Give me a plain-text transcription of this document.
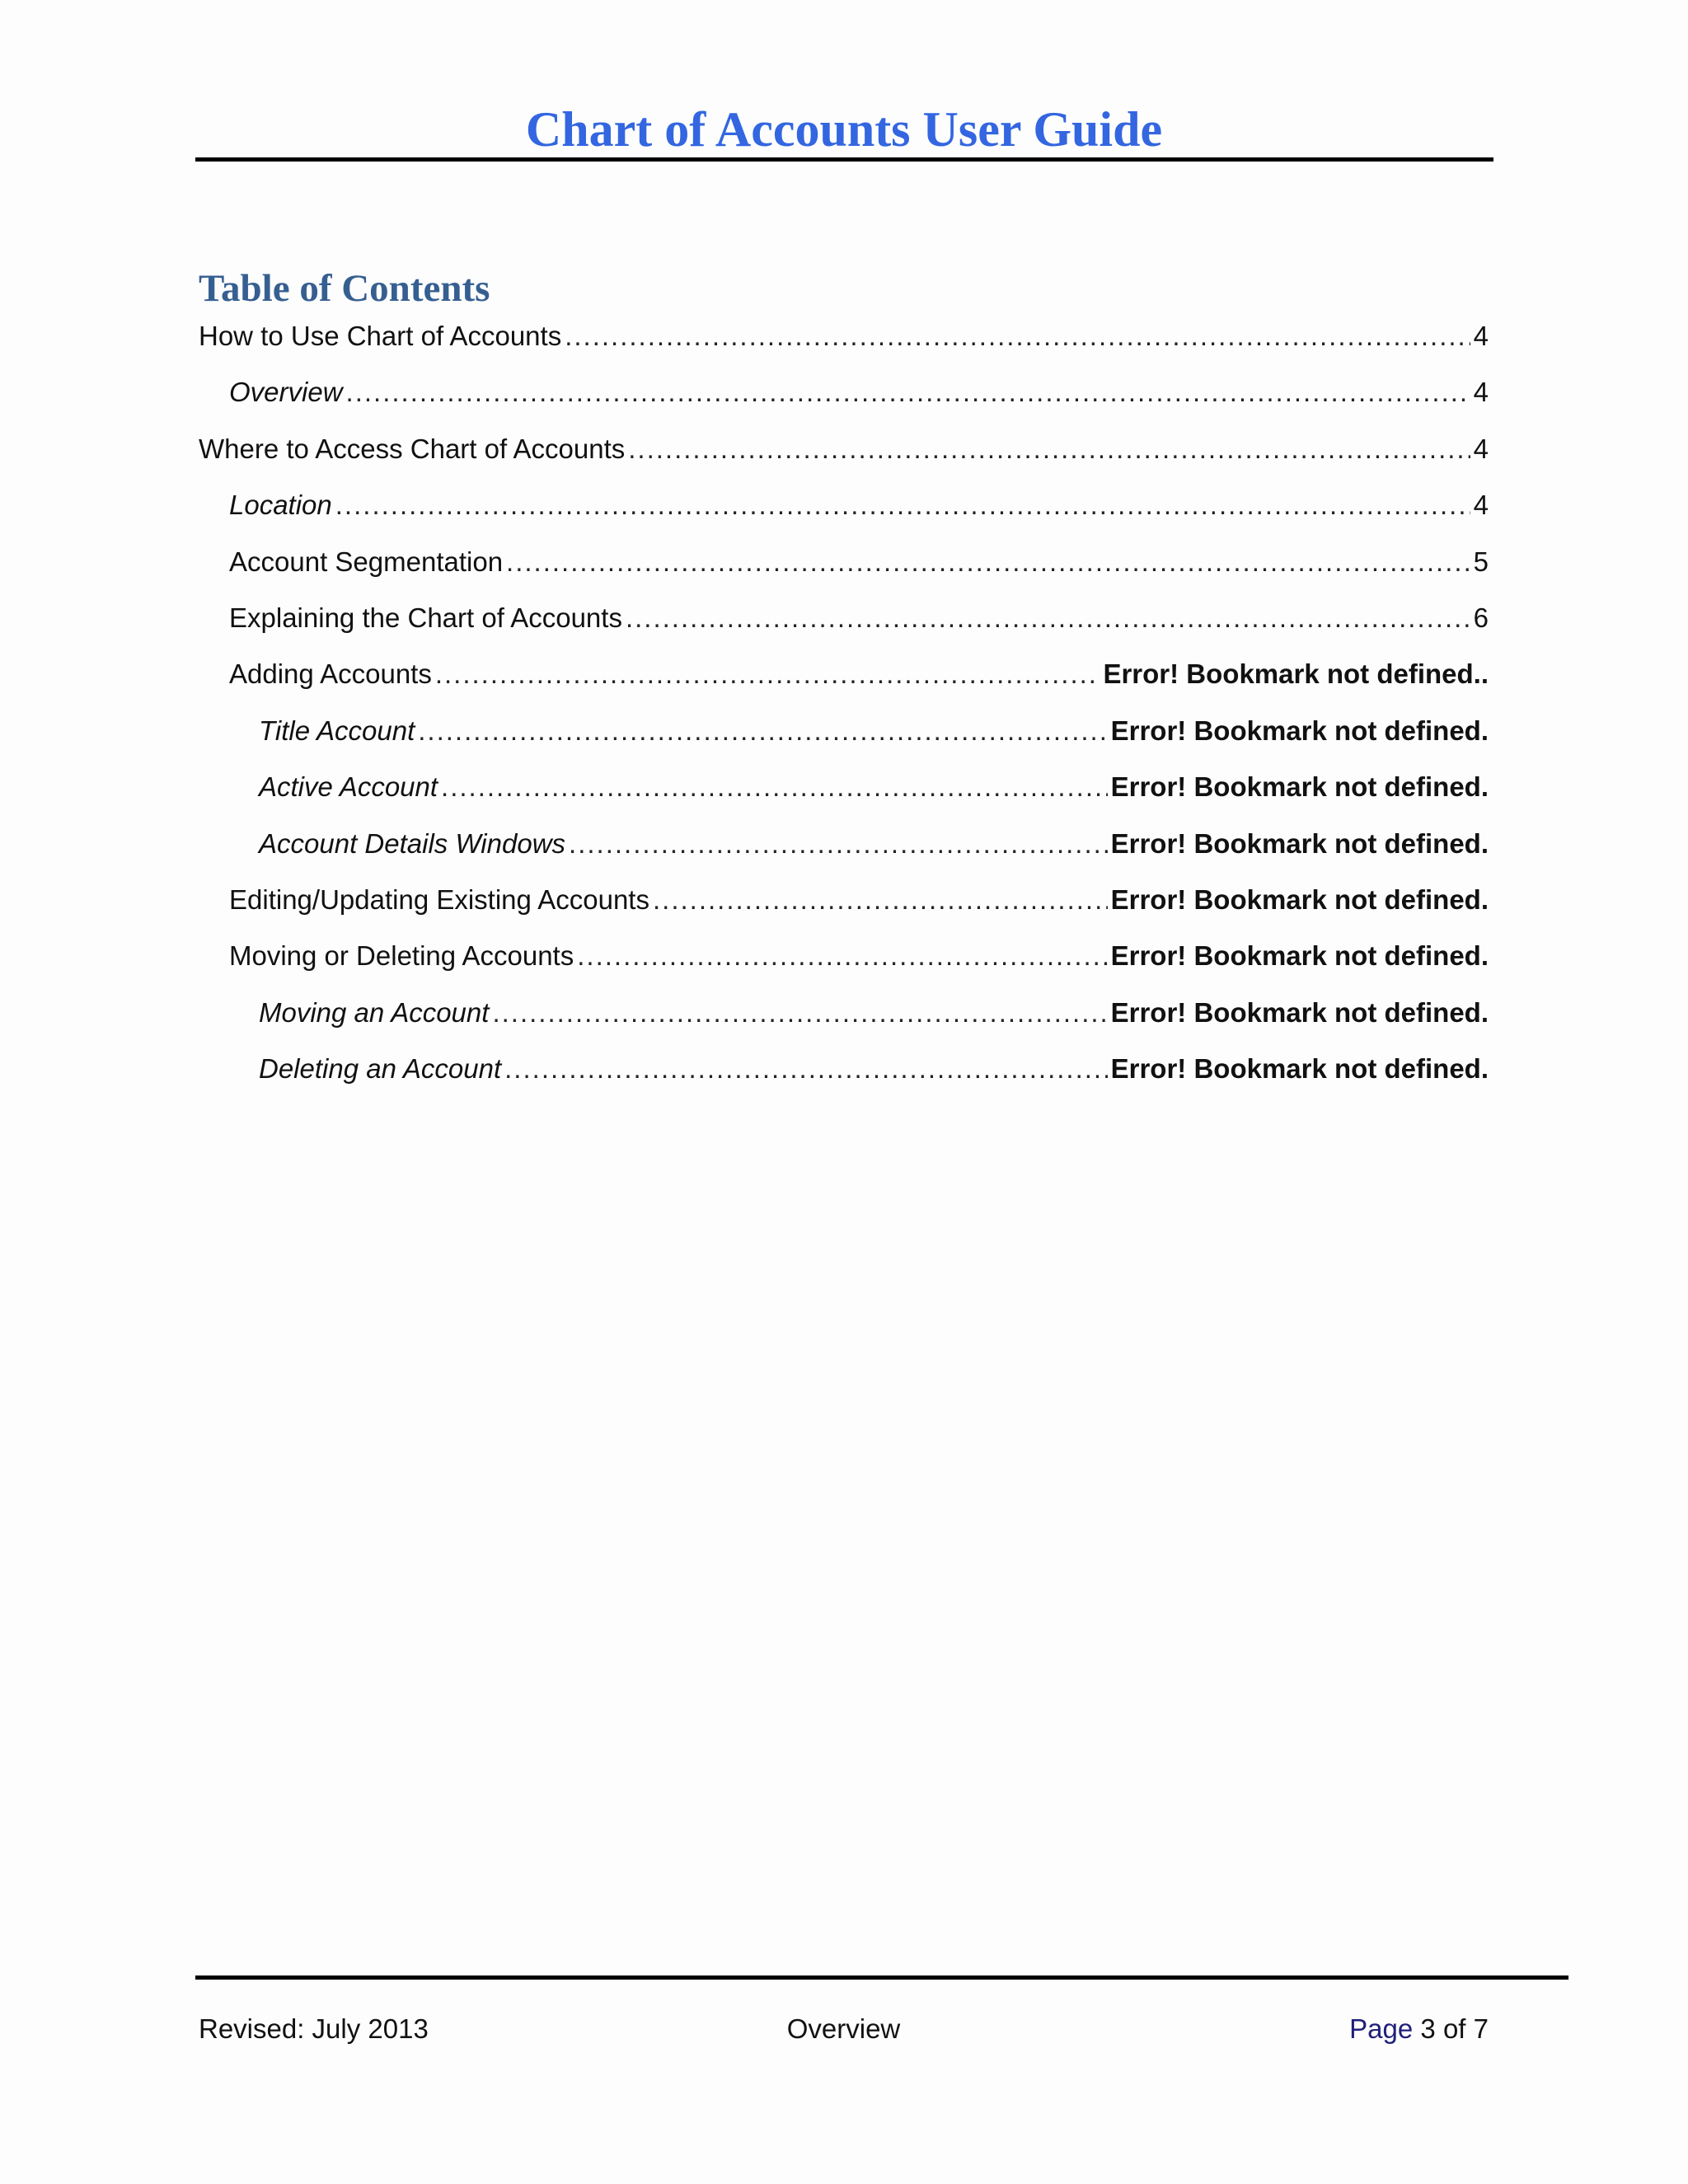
Chart of Accounts User Guide
Table of Contents
How to Use Chart of Accounts .....	4
Overview .....	4
Where to Access Chart of Accounts .....	4
Location .....	4
Account Segmentation .....	5
Explaining the Chart of Accounts .....	6
Adding Accounts .....	Error! Bookmark not defined..
Title Account .....	Error! Bookmark not defined.
Active Account .....	Error! Bookmark not defined.
Account Details Windows .....	Error! Bookmark not defined.
Editing/Updating Existing Accounts .....	Error! Bookmark not defined.
Moving or Deleting Accounts .....	Error! Bookmark not defined.
Moving an Account .....	Error! Bookmark not defined.
Deleting an Account .....	Error! Bookmark not defined.
Revised: July 2013	Overview	Page 3 of 7
